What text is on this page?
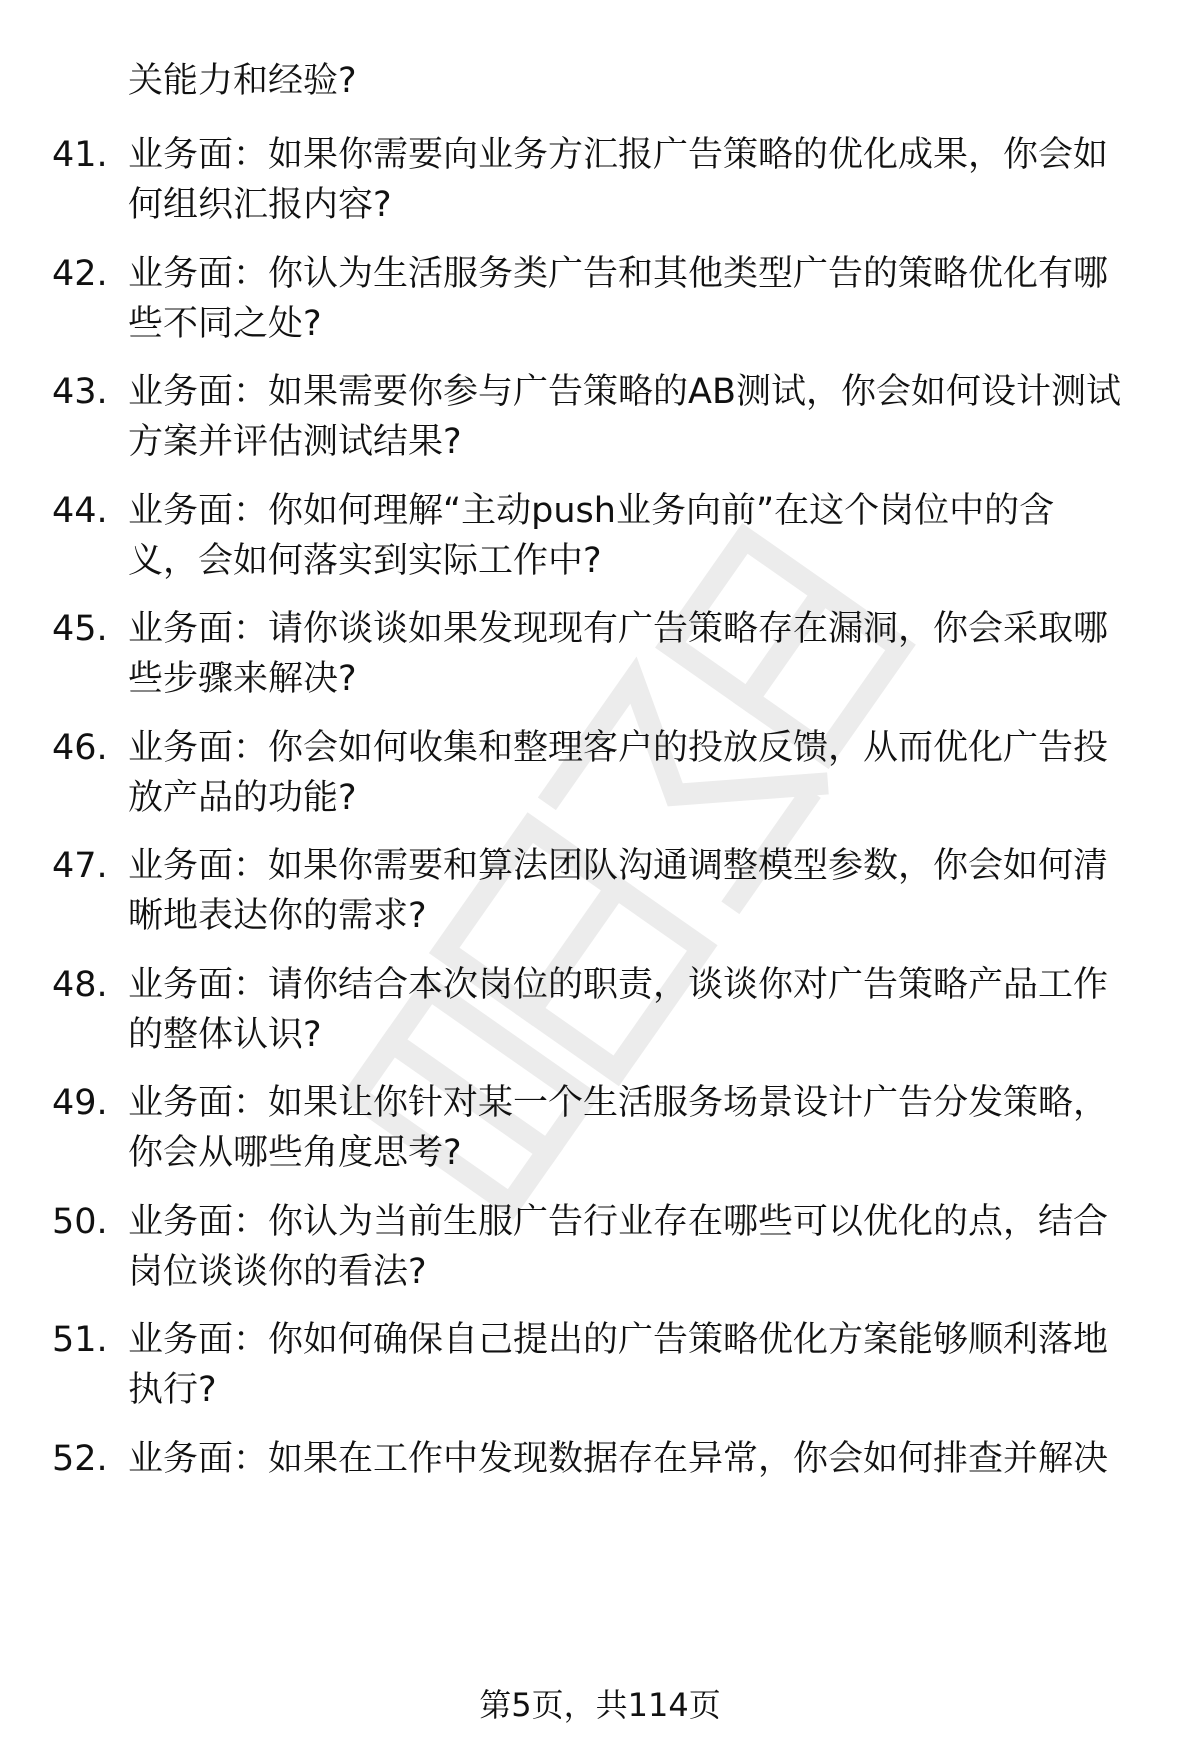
关能力和经验?
41. 业务面：如果你需要向业务方汇报广告策略的优化成果，你会如
何组织汇报内容?
42. 业务面：你认为生活服务类广告和其他类型广告的策略优化有哪
些不同之处?
43. 业务面：如果需要你参与广告策略的AB测试，你会如何设计测试
方案并评估测试结果?
44. 业务面：你如何理解“主动push业务向前”在这个岗位中的含
义，会如何落实到实际工作中?
45. 业务面：请你谈谈如果发现现有广告策略存在漏洞，你会采取哪
些步骤来解决?
46. 业务面：你会如何收集和整理客户的投放反馈，从而优化广告投
放产品的功能?
47. 业务面：如果你需要和算法团队沟通调整模型参数，你会如何清
晰地表达你的需求?
48. 业务面：请你结合本次岗位的职责，谈谈你对广告策略产品工作
的整体认识?
49. 业务面：如果让你针对某一个生活服务场景设计广告分发策略，
你会从哪些角度思考?
50. 业务面：你认为当前生服广告行业存在哪些可以优化的点，结合
岗位谈谈你的看法?
51. 业务面：你如何确保自己提出的广告策略优化方案能够顺利落地
执行?
52. 业务面：如果在工作中发现数据存在异常，你会如何排查并解决
第5页，共114页
